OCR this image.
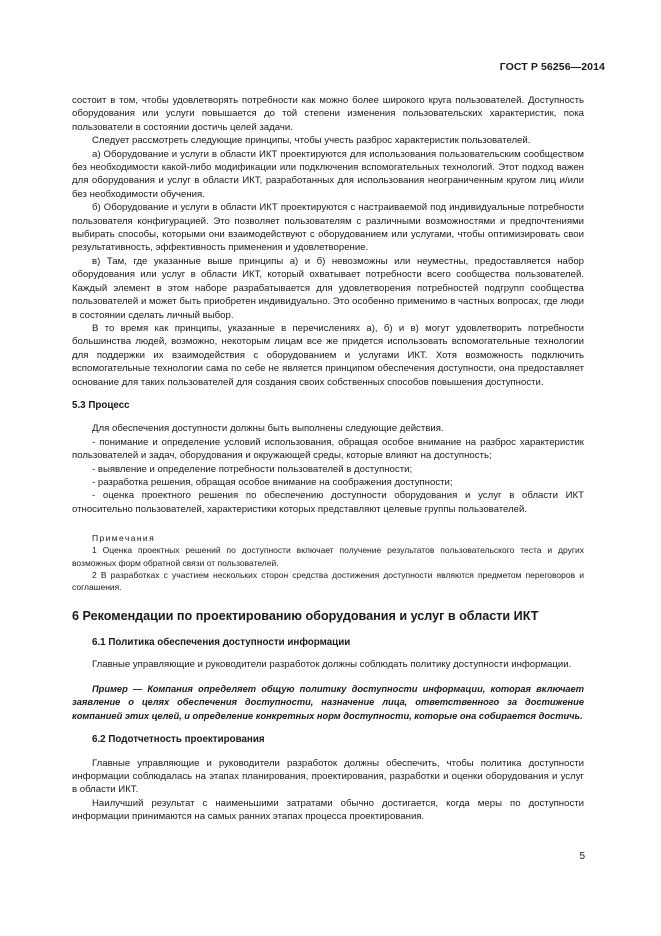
ГОСТ Р 56256—2014

состоит в том, чтобы удовлетворять потребности как можно более широкого круга пользователей. Доступность оборудования или услуги повышается до той степени изменения пользовательских характеристик, пока пользователи в состоянии достичь целей задачи.

Следует рассмотреть следующие принципы, чтобы учесть разброс характеристик пользователей.

а) Оборудование и услуги в области ИКТ проектируются для использования пользовательским сообществом без необходимости какой-либо модификации или подключения вспомогательных технологий. Этот подход важен для оборудования и услуг в области ИКТ, разработанных для использования неограниченным кругом лиц и/или без необходимости обучения.

б) Оборудование и услуги в области ИКТ проектируются с настраиваемой под индивидуальные потребности пользователя конфигурацией. Это позволяет пользователям с различными возможностями и предпочтениями выбирать способы, которыми они взаимодействуют с оборудованием или услугами, чтобы оптимизировать свои результативность, эффективность применения и удовлетворение.

в) Там, где указанные выше принципы а) и б) невозможны или неуместны, предоставляется набор оборудования или услуг в области ИКТ, который охватывает потребности всего сообщества пользователей. Каждый элемент в этом наборе разрабатывается для удовлетворения потребностей подгрупп сообщества пользователей и может быть приобретен индивидуально. Это особенно применимо в частных вопросах, где люди в состоянии сделать личный выбор.

В то время как принципы, указанные в перечислениях а), б) и в) могут удовлетворить потребности большинства людей, возможно, некоторым лицам все же придется использовать вспомогательные технологии для поддержки их взаимодействия с оборудованием и услугами ИКТ. Хотя возможность подключить вспомогательные технологии сама по себе не является принципом обеспечения доступности, она предоставляет основание для таких пользователей для создания своих собственных способов повышения доступности.

5.3 Процесс

Для обеспечения доступности должны быть выполнены следующие действия.

- понимание и определение условий использования, обращая особое внимание на разброс характеристик пользователей и задач, оборудования и окружающей среды, которые влияют на доступность;

- выявление и определение потребности пользователей в доступности;

- разработка решения, обращая особое внимание на соображения доступности;

- оценка проектного решения по обеспечению доступности оборудования и услуг в области ИКТ относительно пользователей, характеристики которых представляют целевые группы пользователей.

Примечания

1 Оценка проектных решений по доступности включает получение результатов пользовательского теста и других возможных форм обратной связи от пользователей.

2 В разработках с участием нескольких сторон средства достижения доступности являются предметом переговоров и соглашения.

6 Рекомендации по проектированию оборудования и услуг в области ИКТ
6.1 Политика обеспечения доступности информации

Главные управляющие и руководители разработок должны соблюдать политику доступности информации.

Пример — Компания определяет общую политику доступности информации, которая включает заявление о целях обеспечения доступности, назначение лица, ответственного за достижение компанией этих целей, и определение конкретных норм доступности, которые она собирается достичь.

6.2 Подотчетность проектирования

Главные управляющие и руководители разработок должны обеспечить, чтобы политика доступности информации соблюдалась на этапах планирования, проектирования, разработки и оценки оборудования и услуг в области ИКТ.

Наилучший результат с наименьшими затратами обычно достигается, когда меры по доступности информации принимаются на самых ранних этапах процесса проектирования.

5
